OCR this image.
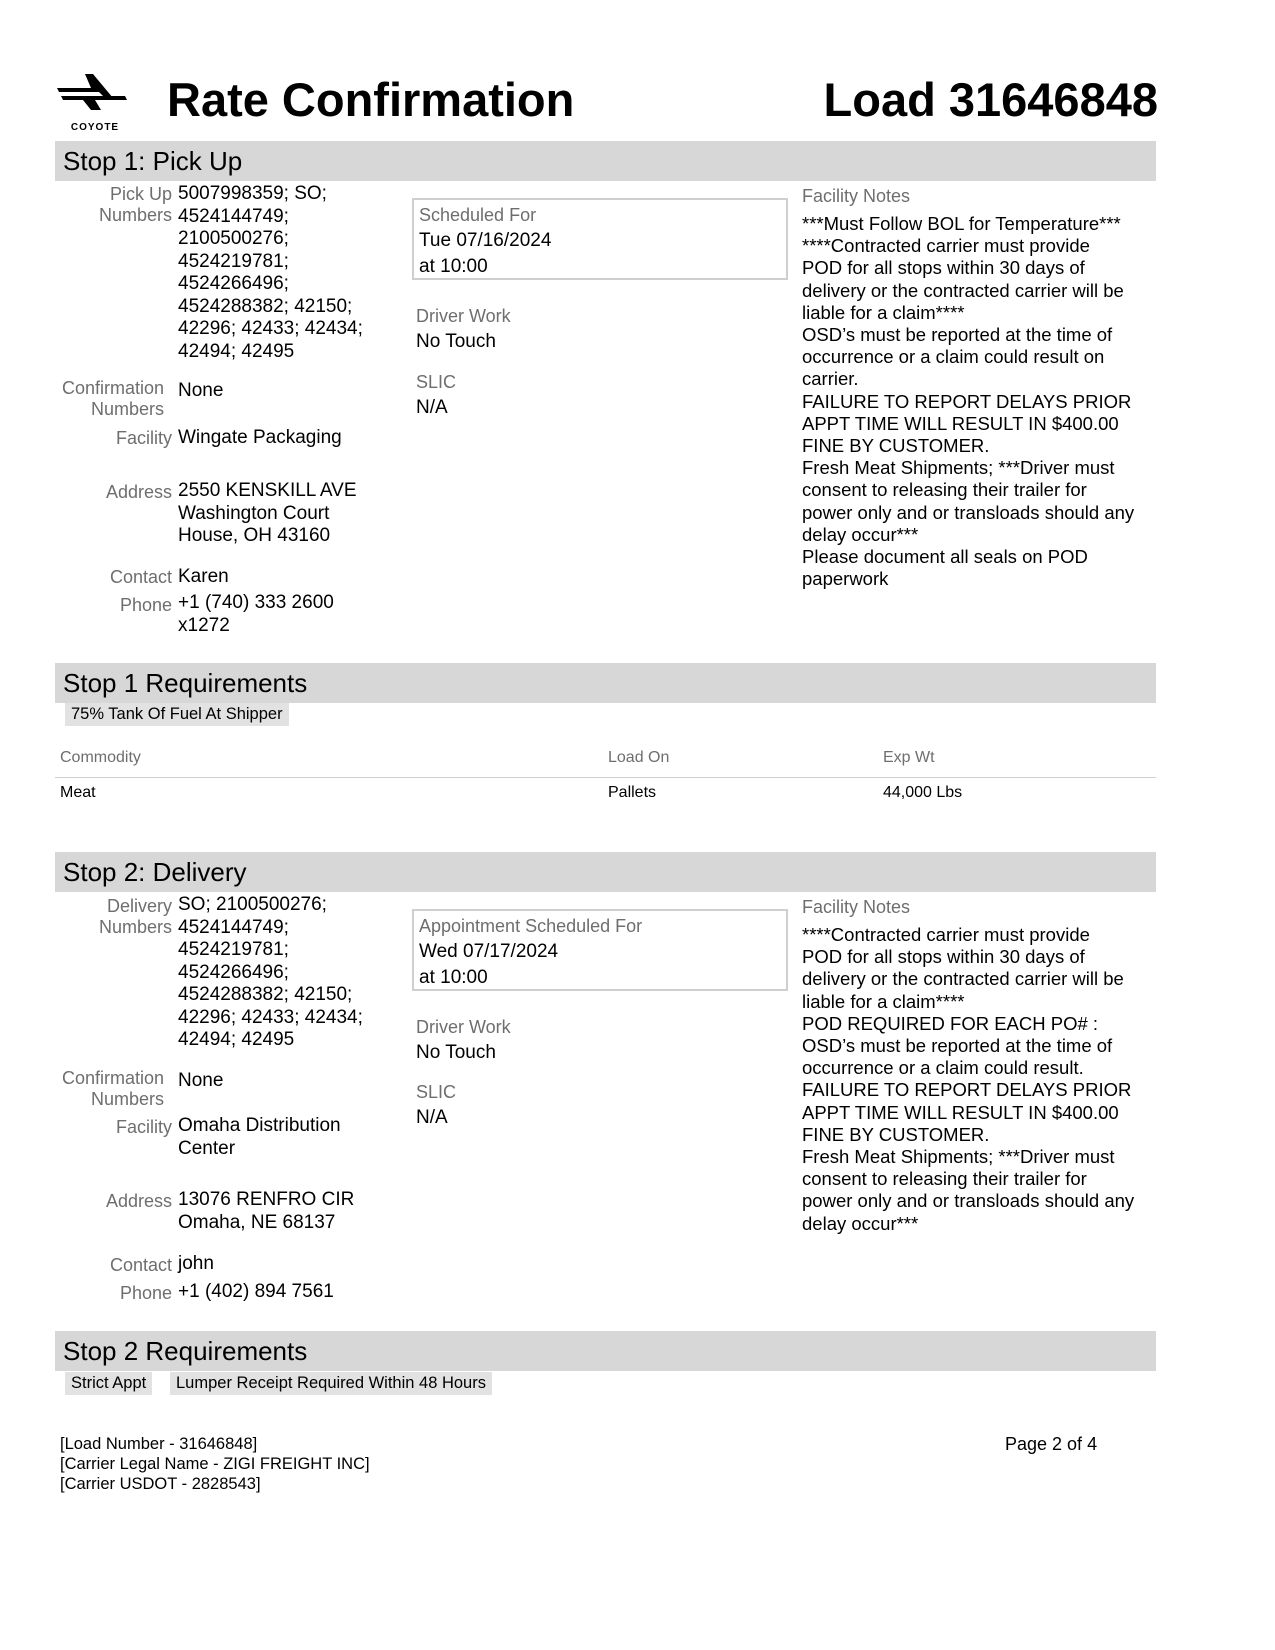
COYOTE
Rate Confirmation	Load 31646848
Stop 1: Pick Up
Pick Up
Numbers
5007998359; SO;
4524144749;
2100500276;
4524219781;
4524266496;
4524288382; 42150;
42296; 42433; 42434;
42494; 42495
Confirmation
Numbers
None
Facility Wingate Packaging
Address 2550 KENSKILL AVE
Washington Court
House, OH 43160
Contact Karen
Phone +1 (740) 333 2600
x1272
Scheduled For
Tue 07/16/2024
at 10:00
Driver Work
No Touch
SLIC
N/A
Facility Notes
***Must Follow BOL for Temperature***
****Contracted carrier must provide
POD for all stops within 30 days of
delivery or the contracted carrier will be
liable for a claim****
OSD’s must be reported at the time of
occurrence or a claim could result on
carrier.
FAILURE TO REPORT DELAYS PRIOR
APPT TIME WILL RESULT IN $400.00
FINE BY CUSTOMER.
Fresh Meat Shipments; ***Driver must
consent to releasing their trailer for
power only and or transloads should any
delay occur***
Please document all seals on POD
paperwork
Stop 1 Requirements
75% Tank Of Fuel At Shipper
Commodity	Load On	Exp Wt
Meat	Pallets	44,000 Lbs
Stop 2: Delivery
Delivery
Numbers
SO; 2100500276;
4524144749;
4524219781;
4524266496;
4524288382; 42150;
42296; 42433; 42434;
42494; 42495
Confirmation
Numbers
None
Facility Omaha Distribution
Center
Address 13076 RENFRO CIR
Omaha, NE 68137
Contact john
Phone +1 (402) 894 7561
Appointment Scheduled For
Wed 07/17/2024
at 10:00
Driver Work
No Touch
SLIC
N/A
Facility Notes
****Contracted carrier must provide
POD for all stops within 30 days of
delivery or the contracted carrier will be
liable for a claim****
POD REQUIRED FOR EACH PO# :
OSD’s must be reported at the time of
occurrence or a claim could result.
FAILURE TO REPORT DELAYS PRIOR
APPT TIME WILL RESULT IN $400.00
FINE BY CUSTOMER.
Fresh Meat Shipments; ***Driver must
consent to releasing their trailer for
power only and or transloads should any
delay occur***
Stop 2 Requirements
Strict Appt	Lumper Receipt Required Within 48 Hours
[Load Number - 31646848]
[Carrier Legal Name - ZIGI FREIGHT INC]
[Carrier USDOT - 2828543]
Page 2 of 4
